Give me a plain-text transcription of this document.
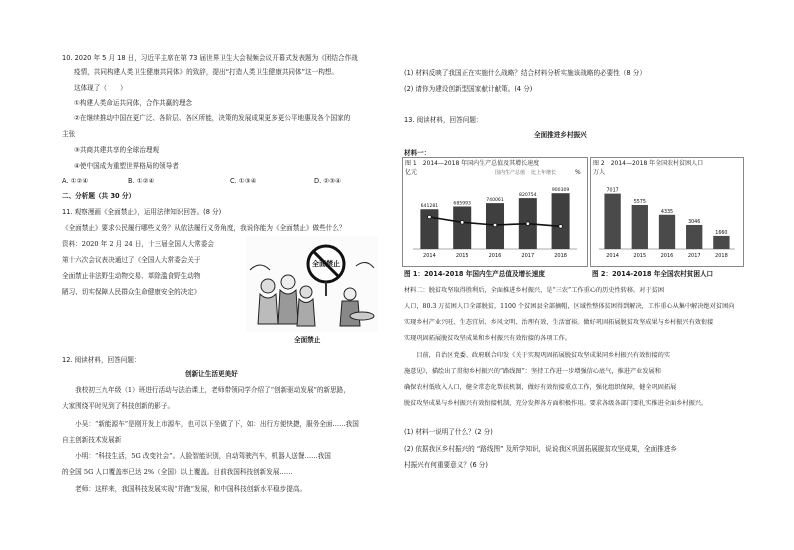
10. 2020 年 5 月 18 日，习近平主席在第 73 届世界卫生大会视频会议开幕式发表题为《团结合作战
疫情，共同构建人类卫生健康共同体》的致辞，提出“打造人类卫生健康共同体”这一构想。
这体现了（　　）
①构建人类命运共同体，合作共赢的理念
②在继续推动中国在更广泛、各阶层、各区所能，决策的发展成果更多更公平地惠及各个国家的
主张
③共商共建共享的全球治理观
④使中国成为重塑世界格局的领导者
A. ①②④	B. ①②④	C. ①③④	D. ②③④
二、分析题（共 30 分）
11. 观察漫画《全面禁止》，运用法律知识回答。(8 分)
《全面禁止》要求公民履行哪些义务？从依法履行义务角度，我说你能为《全面禁止》做些什么？
资料：2020 年 2 月 24 日，十三届全国人大常委会
第十六次会议表决通过了《全国人大常委会关于
全面禁止非法野生动物交易、革除滥食野生动物
陋习、切实保障人民群众生命健康安全的决定》
全面禁止
全面禁止
12. 阅读材料，回答问题：
创新让生活更美好
　　我校初三九年级（1）班进行活动与法治课上，老师带领同学介绍了“创新驱动发展”的新思路，
大家围绕平时见到了科技创新的影子。
　　小吴：“新能源车”是刚开发上市源车，也可以下坐做了下，如：出行方便快捷，服务全面……我国
自主创新技术发展新
　　小明：“科技生活，5G 改变社会”。人脸智能识别，自动驾驶汽车，机器人送餐……我国
的全国 5G 人口覆盖率已达 2%（全国）以上覆盖。目前我国科技创新发展……
　　老师：这样来，我国科技发展实现“并跑”发展，和中国科技创新水平稳步提高。
(1) 材料反映了我国正在实施什么战略？结合材料分析实施该战略的必要性（8 分）
(2) 请你为建设创新型国家献计献策。(4 分)
13. 阅读材料，回答问题：
全面推进乡村振兴
材料一：
图 1　2014—2018 年国内生产总值及其增长速度
亿元	%
国内生产总值 比上年增长
641281
2014
685993
2015
740061
2016
820754
2017
900309
2018
图 1：2014-2018 年国内生产总值及增长速度
图 2　2014—2018 年全国农村贫困人口
万人
7017
2014
5575
2015
4335
2016
3046
2017
1660
2018
图 2：2014-2018 年全国农村贫困人口
材料二：脱贫攻坚取得胜利后，全面推进乡村振兴，是“三农”工作重心的历史性转移。对于贫困
人口，80.3 万贫困人口全部脱贫，1100 个贫困县全部摘帽，区域性整体贫困得到解决，工作重心从集中解决绝对贫困向
实现乡村产业兴旺、生态宜居、乡风文明、治理有效、生活富裕。做好巩固拓展脱贫攻坚成果与乡村振兴有效衔接
实现巩固拓展脱贫攻坚成果和乡村振兴有效衔接的各项工作。
　　目前，自治区党委、政府联合印发《关于实现巩固拓展脱贫攻坚成果同乡村振兴有效衔接的实
施意见》，描绘出了贯彻乡村振兴的“路线图”：坚持工作进一步增强信心底气，推进产业发展和
确保农村低收入人口，健全常态化帮扶机制，做好有效衔接重点工作，强化组织保障，健全巩固拓展
脱贫攻坚成果与乡村振兴有效衔接机制，充分发挥各方面积极作用。要求各级各部门要扎实推进全面乡村振兴。
(1) 材料一说明了什么？(2 分)
(2) 依据我区乡村振兴的 “路线图” 及所学知识，说说我区巩固拓展脱贫攻坚成果，全面推进乡
村振兴有何重要意义？(6 分)
